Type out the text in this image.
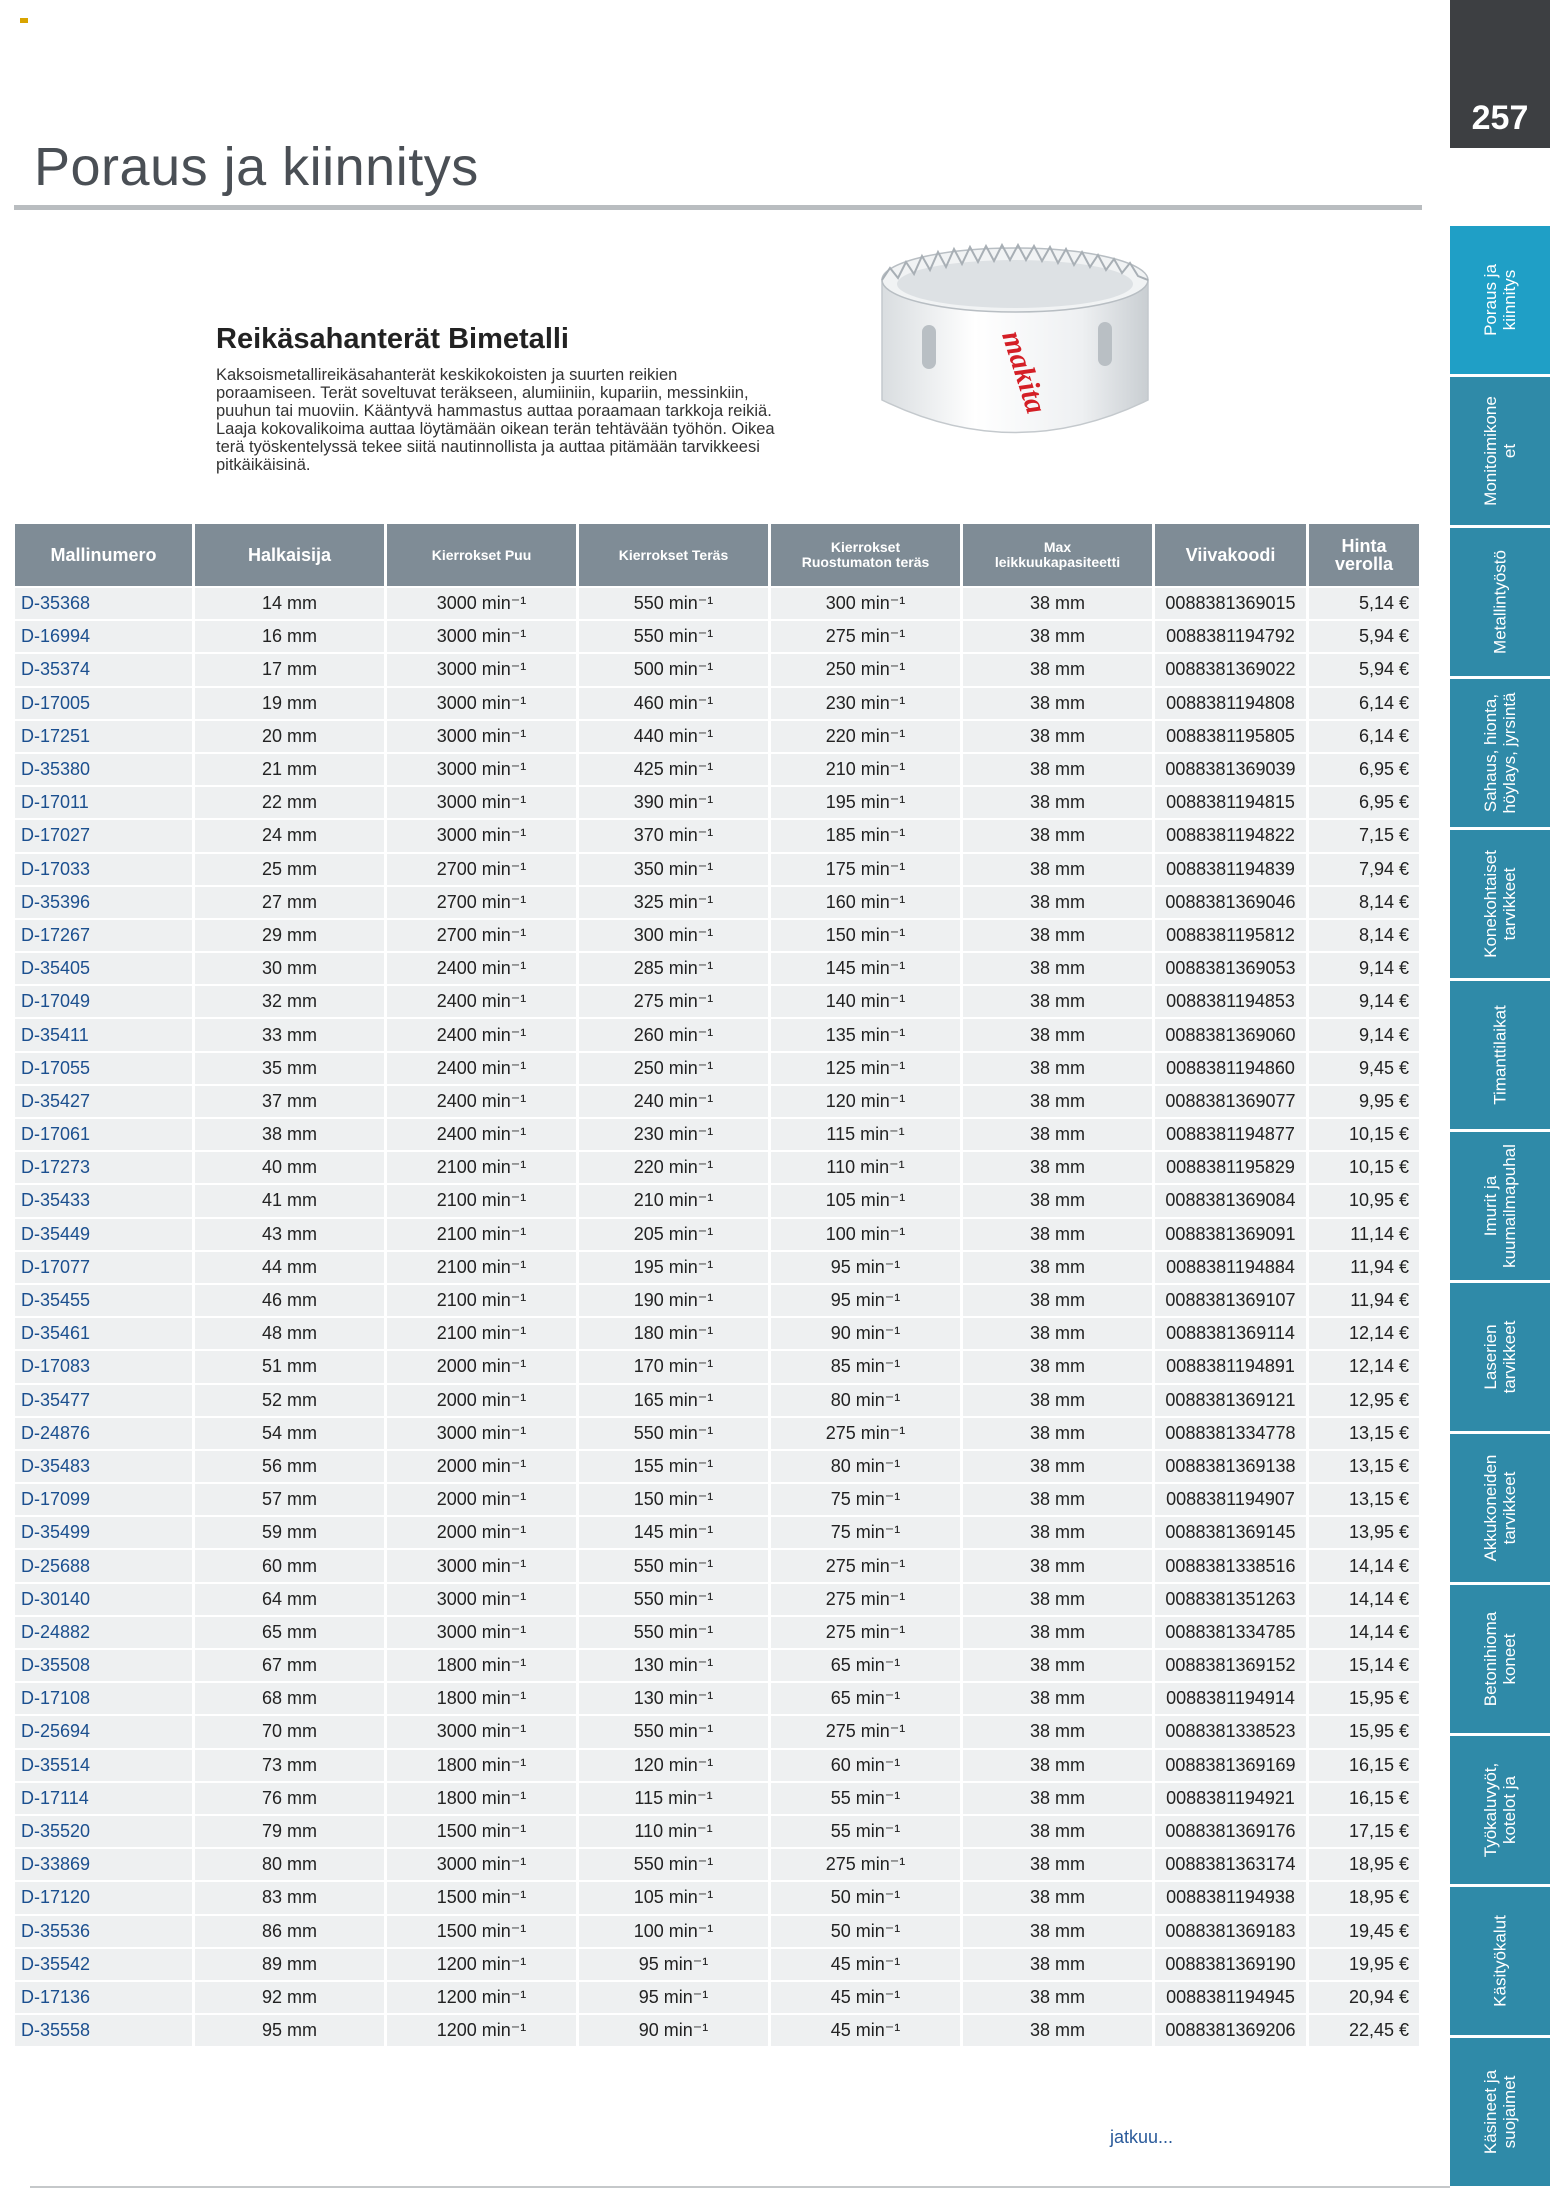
Poraus ja kiinnitys
257
Poraus ja
kiinnitys
Monitoimikone
et
Metallintyöstö
Sahaus, hionta,
höylays, jyrsintä
Konekohtaiset
tarvikkeet
Timanttilaikat
Imurit ja
kuumailmapuhal
Laserien
tarvikkeet
Akkukoneiden
tarvikkeet
Betonihioma
koneet
Työkaluvyöt,
kotelot ja
Käsityökalut
Käsineet ja
suojaimet
Reikäsahanterät Bimetalli

Kaksoismetallireikäsahanterät keskikokoisten ja suurten reikien poraamiseen. Terät soveltuvat teräkseen, alumiiniin, kupariin, messinkiin, puuhun tai muoviin. Kääntyvä hammastus auttaa poraamaan tarkkoja reikiä. Laaja kokovalikoima auttaa löytämään oikean terän tehtävään työhön. Oikea terä työskentelyssä tekee siitä nautinnollista ja auttaa pitämään tarvikkeesi pitkäikäisinä.

makita
Mallinumero	Halkaisija	Kierrokset Puu	Kierrokset Teräs	Kierrokset
Ruostumaton teräs	Max
leikkuukapasiteetti	Viivakoodi	Hinta
verolla
D-35368	14 mm	3000 min⁻¹	550 min⁻¹	300 min⁻¹	38 mm	0088381369015	5,14 €
D-16994	16 mm	3000 min⁻¹	550 min⁻¹	275 min⁻¹	38 mm	0088381194792	5,94 €
D-35374	17 mm	3000 min⁻¹	500 min⁻¹	250 min⁻¹	38 mm	0088381369022	5,94 €
D-17005	19 mm	3000 min⁻¹	460 min⁻¹	230 min⁻¹	38 mm	0088381194808	6,14 €
D-17251	20 mm	3000 min⁻¹	440 min⁻¹	220 min⁻¹	38 mm	0088381195805	6,14 €
D-35380	21 mm	3000 min⁻¹	425 min⁻¹	210 min⁻¹	38 mm	0088381369039	6,95 €
D-17011	22 mm	3000 min⁻¹	390 min⁻¹	195 min⁻¹	38 mm	0088381194815	6,95 €
D-17027	24 mm	3000 min⁻¹	370 min⁻¹	185 min⁻¹	38 mm	0088381194822	7,15 €
D-17033	25 mm	2700 min⁻¹	350 min⁻¹	175 min⁻¹	38 mm	0088381194839	7,94 €
D-35396	27 mm	2700 min⁻¹	325 min⁻¹	160 min⁻¹	38 mm	0088381369046	8,14 €
D-17267	29 mm	2700 min⁻¹	300 min⁻¹	150 min⁻¹	38 mm	0088381195812	8,14 €
D-35405	30 mm	2400 min⁻¹	285 min⁻¹	145 min⁻¹	38 mm	0088381369053	9,14 €
D-17049	32 mm	2400 min⁻¹	275 min⁻¹	140 min⁻¹	38 mm	0088381194853	9,14 €
D-35411	33 mm	2400 min⁻¹	260 min⁻¹	135 min⁻¹	38 mm	0088381369060	9,14 €
D-17055	35 mm	2400 min⁻¹	250 min⁻¹	125 min⁻¹	38 mm	0088381194860	9,45 €
D-35427	37 mm	2400 min⁻¹	240 min⁻¹	120 min⁻¹	38 mm	0088381369077	9,95 €
D-17061	38 mm	2400 min⁻¹	230 min⁻¹	115 min⁻¹	38 mm	0088381194877	10,15 €
D-17273	40 mm	2100 min⁻¹	220 min⁻¹	110 min⁻¹	38 mm	0088381195829	10,15 €
D-35433	41 mm	2100 min⁻¹	210 min⁻¹	105 min⁻¹	38 mm	0088381369084	10,95 €
D-35449	43 mm	2100 min⁻¹	205 min⁻¹	100 min⁻¹	38 mm	0088381369091	11,14 €
D-17077	44 mm	2100 min⁻¹	195 min⁻¹	95 min⁻¹	38 mm	0088381194884	11,94 €
D-35455	46 mm	2100 min⁻¹	190 min⁻¹	95 min⁻¹	38 mm	0088381369107	11,94 €
D-35461	48 mm	2100 min⁻¹	180 min⁻¹	90 min⁻¹	38 mm	0088381369114	12,14 €
D-17083	51 mm	2000 min⁻¹	170 min⁻¹	85 min⁻¹	38 mm	0088381194891	12,14 €
D-35477	52 mm	2000 min⁻¹	165 min⁻¹	80 min⁻¹	38 mm	0088381369121	12,95 €
D-24876	54 mm	3000 min⁻¹	550 min⁻¹	275 min⁻¹	38 mm	0088381334778	13,15 €
D-35483	56 mm	2000 min⁻¹	155 min⁻¹	80 min⁻¹	38 mm	0088381369138	13,15 €
D-17099	57 mm	2000 min⁻¹	150 min⁻¹	75 min⁻¹	38 mm	0088381194907	13,15 €
D-35499	59 mm	2000 min⁻¹	145 min⁻¹	75 min⁻¹	38 mm	0088381369145	13,95 €
D-25688	60 mm	3000 min⁻¹	550 min⁻¹	275 min⁻¹	38 mm	0088381338516	14,14 €
D-30140	64 mm	3000 min⁻¹	550 min⁻¹	275 min⁻¹	38 mm	0088381351263	14,14 €
D-24882	65 mm	3000 min⁻¹	550 min⁻¹	275 min⁻¹	38 mm	0088381334785	14,14 €
D-35508	67 mm	1800 min⁻¹	130 min⁻¹	65 min⁻¹	38 mm	0088381369152	15,14 €
D-17108	68 mm	1800 min⁻¹	130 min⁻¹	65 min⁻¹	38 mm	0088381194914	15,95 €
D-25694	70 mm	3000 min⁻¹	550 min⁻¹	275 min⁻¹	38 mm	0088381338523	15,95 €
D-35514	73 mm	1800 min⁻¹	120 min⁻¹	60 min⁻¹	38 mm	0088381369169	16,15 €
D-17114	76 mm	1800 min⁻¹	115 min⁻¹	55 min⁻¹	38 mm	0088381194921	16,15 €
D-35520	79 mm	1500 min⁻¹	110 min⁻¹	55 min⁻¹	38 mm	0088381369176	17,15 €
D-33869	80 mm	3000 min⁻¹	550 min⁻¹	275 min⁻¹	38 mm	0088381363174	18,95 €
D-17120	83 mm	1500 min⁻¹	105 min⁻¹	50 min⁻¹	38 mm	0088381194938	18,95 €
D-35536	86 mm	1500 min⁻¹	100 min⁻¹	50 min⁻¹	38 mm	0088381369183	19,45 €
D-35542	89 mm	1200 min⁻¹	95 min⁻¹	45 min⁻¹	38 mm	0088381369190	19,95 €
D-17136	92 mm	1200 min⁻¹	95 min⁻¹	45 min⁻¹	38 mm	0088381194945	20,94 €
D-35558	95 mm	1200 min⁻¹	90 min⁻¹	45 min⁻¹	38 mm	0088381369206	22,45 €
jatkuu...
